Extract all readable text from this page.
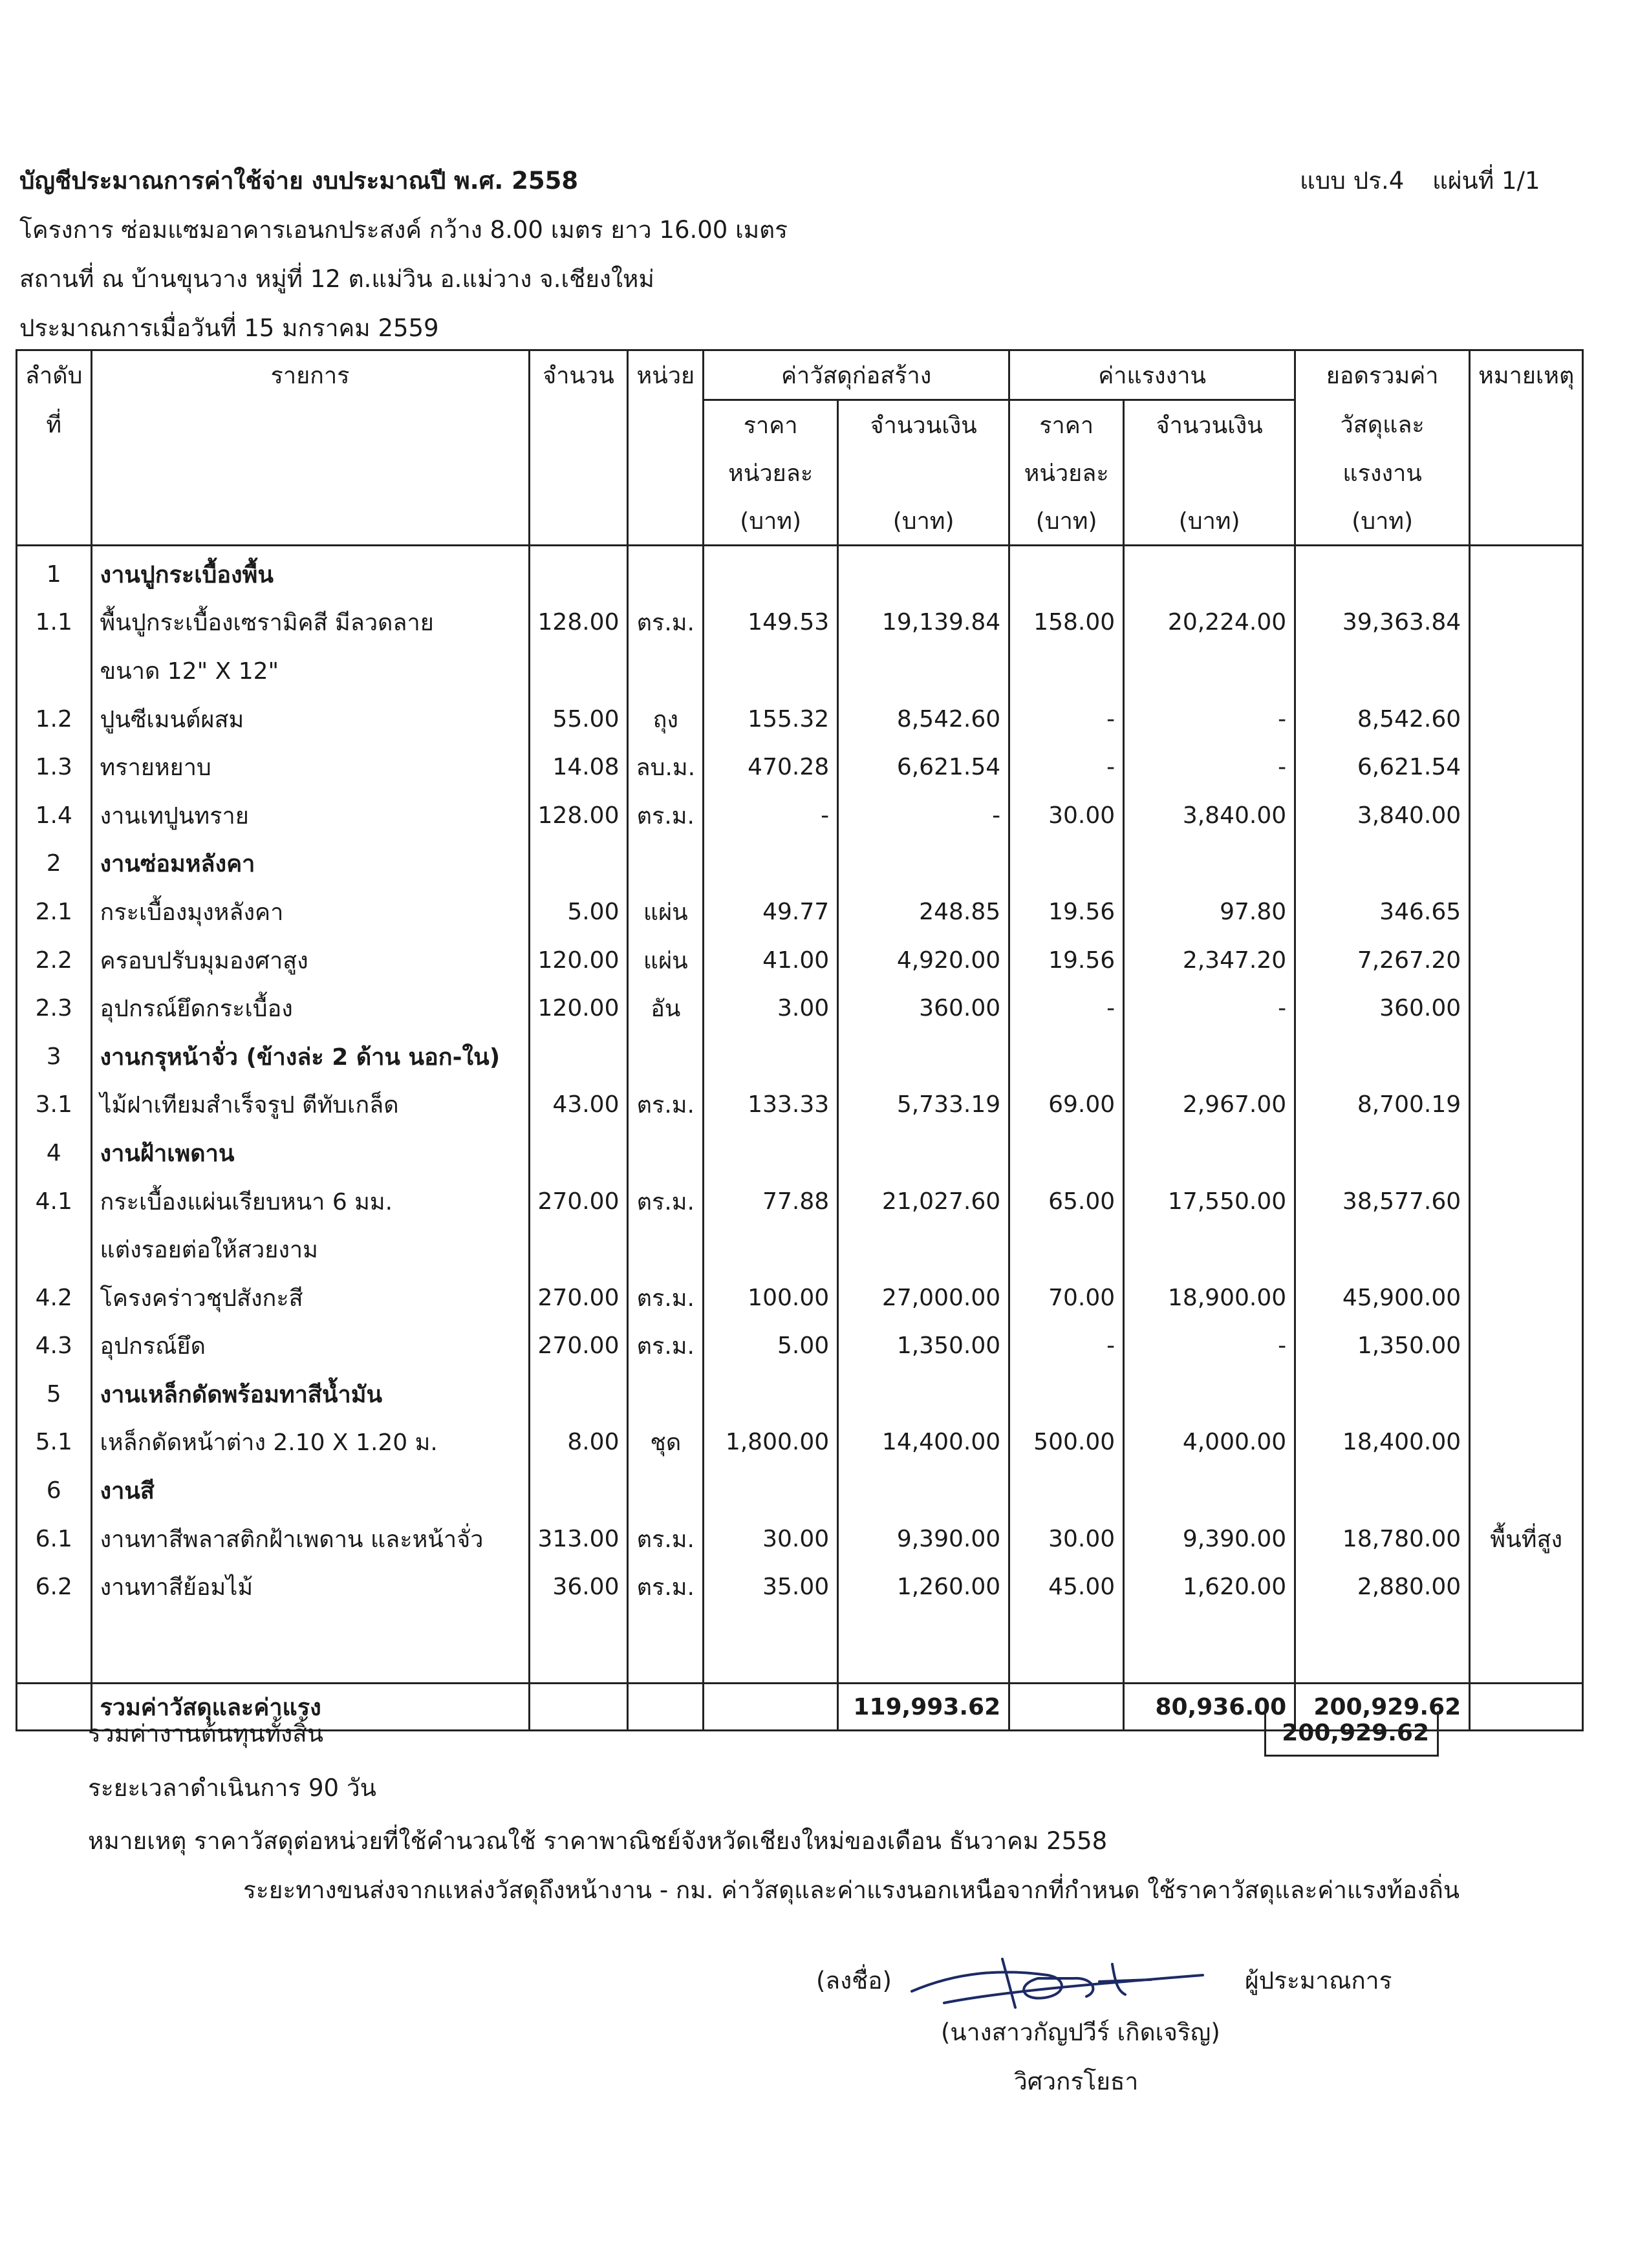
บัญชีประมาณการค่าใช้จ่าย งบประมาณปี พ.ศ. 2558	แบบ ปร.4 แผ่นที่ 1/1
โครงการ ซ่อมแซมอาคารเอนกประสงค์ กว้าง 8.00 เมตร ยาว 16.00 เมตร
สถานที่ ณ บ้านขุนวาง หมู่ที่ 12 ต.แม่วิน อ.แม่วาง จ.เชียงใหม่
ประมาณการเมื่อวันที่ 15 มกราคม 2559
ลำดับ	รายการ	จำนวน	หน่วย	ค่าวัสดุก่อสร้าง		ค่าแรงงาน		ยอดรวมค่า	หมายเหตุ
ที่				ราคา	จำนวนเงิน	ราคา	จำนวนเงิน	วัสดุและ	
				หน่วยละ		หน่วยละ		แรงงาน	
				(บาท)	(บาท)	(บาท)	(บาท)	(บาท)	
1	งานปูกระเบื้องพื้น								
1.1	พื้นปูกระเบื้องเซรามิคสี มีลวดลาย	128.00	ตร.ม.	149.53	19,139.84	158.00	20,224.00	39,363.84	
	ขนาด 12" X 12"								
1.2	ปูนซีเมนต์ผสม	55.00	ถุง	155.32	8,542.60	-	-	8,542.60	
1.3	ทรายหยาบ	14.08	ลบ.ม.	470.28	6,621.54	-	-	6,621.54	
1.4	งานเทปูนทราย	128.00	ตร.ม.	-	-	30.00	3,840.00	3,840.00	
2	งานซ่อมหลังคา								
2.1	กระเบื้องมุงหลังคา	5.00	แผ่น	49.77	248.85	19.56	97.80	346.65	
2.2	ครอบปรับมุมองศาสูง	120.00	แผ่น	41.00	4,920.00	19.56	2,347.20	7,267.20	
2.3	อุปกรณ์ยึดกระเบื้อง	120.00	อัน	3.00	360.00	-	-	360.00	
3	งานกรุหน้าจั่ว (ข้างล่ะ 2 ด้าน นอก-ใน)								
3.1	ไม้ฝาเทียมสำเร็จรูป ตีทับเกล็ด	43.00	ตร.ม.	133.33	5,733.19	69.00	2,967.00	8,700.19	
4	งานฝ้าเพดาน								
4.1	กระเบื้องแผ่นเรียบหนา 6 มม.	270.00	ตร.ม.	77.88	21,027.60	65.00	17,550.00	38,577.60	
	แต่งรอยต่อให้สวยงาม								
4.2	โครงคร่าวชุปสังกะสี	270.00	ตร.ม.	100.00	27,000.00	70.00	18,900.00	45,900.00	
4.3	อุปกรณ์ยึด	270.00	ตร.ม.	5.00	1,350.00	-	-	1,350.00	
5	งานเหล็กดัดพร้อมทาสีน้ำมัน								
5.1	เหล็กดัดหน้าต่าง 2.10 X 1.20 ม.	8.00	ชุด	1,800.00	14,400.00	500.00	4,000.00	18,400.00	
6	งานสี								
6.1	งานทาสีพลาสติกฝ้าเพดาน และหน้าจั่ว	313.00	ตร.ม.	30.00	9,390.00	30.00	9,390.00	18,780.00	พื้นที่สูง
6.2	งานทาสีย้อมไม้	36.00	ตร.ม.	35.00	1,260.00	45.00	1,620.00	2,880.00	

	รวมค่าวัสดุและค่าแรง				119,993.62		80,936.00	200,929.62	
รวมค่างานต้นทุนทั้งสิ้น	200,929.62
ระยะเวลาดำเนินการ 90 วัน
หมายเหตุ ราคาวัสดุต่อหน่วยที่ใช้คำนวณใช้ ราคาพาณิชย์จังหวัดเชียงใหม่ของเดือน ธันวาคม 2558
ระยะทางขนส่งจากแหล่งวัสดุถึงหน้างาน - กม. ค่าวัสดุและค่าแรงนอกเหนือจากที่กำหนด ใช้ราคาวัสดุและค่าแรงท้องถิ่น
(ลงชื่อ)	ผู้ประมาณการ
(นางสาวกัญปวีร์ เกิดเจริญ)
วิศวกรโยธา
